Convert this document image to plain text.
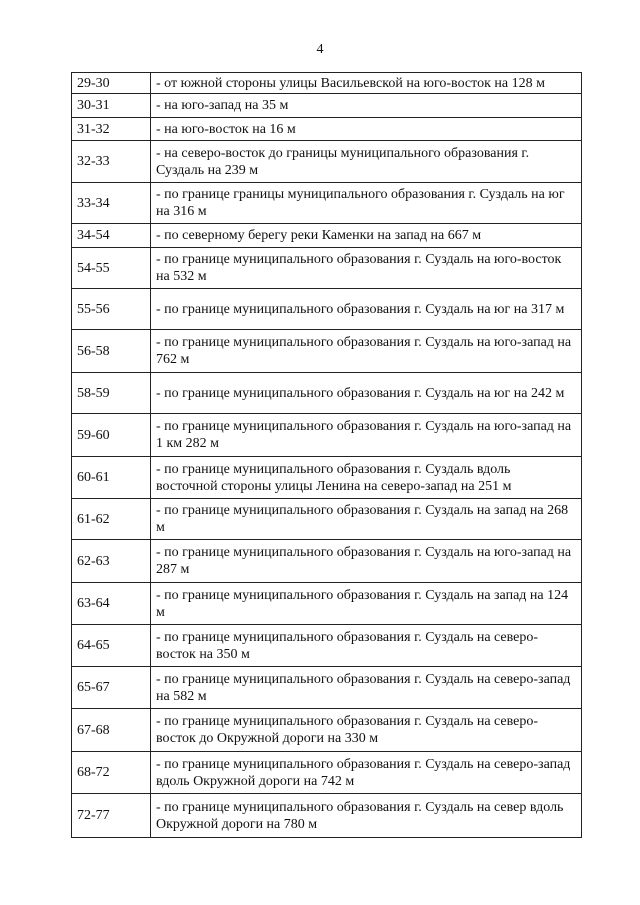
4
29-30	- от южной стороны улицы Васильевской на юго-восток на 128 м
30-31	- на юго-запад на 35 м
31-32	- на юго-восток на 16 м
32-33	- на северо-восток до границы муниципального образования г. Суздаль на 239 м
33-34	- по границе границы муниципального образования г. Суздаль на юг на 316 м
34-54	- по северному берегу реки Каменки на запад на 667 м
54-55	- по границе муниципального образования г. Суздаль на юго-восток на 532 м
55-56	- по границе муниципального образования г. Суздаль на юг на 317 м
56-58	- по границе муниципального образования г. Суздаль на юго-запад на 762 м
58-59	- по границе муниципального образования г. Суздаль на юг на 242 м
59-60	- по границе муниципального образования г. Суздаль на юго-запад на 1 км 282 м
60-61	- по границе муниципального образования г. Суздаль вдоль восточной стороны улицы Ленина на северо-запад на 251 м
61-62	- по границе муниципального образования г. Суздаль на запад на 268 м
62-63	- по границе муниципального образования г. Суздаль на юго-запад на 287 м
63-64	- по границе муниципального образования г. Суздаль на запад на 124 м
64-65	- по границе муниципального образования г. Суздаль на северо-восток на 350 м
65-67	- по границе муниципального образования г. Суздаль на северо-запад на 582 м
67-68	- по границе муниципального образования г. Суздаль на северо-восток до Окружной дороги на 330 м
68-72	- по границе муниципального образования г. Суздаль на северо-запад вдоль Окружной дороги на 742 м
72-77	- по границе муниципального образования г. Суздаль на север вдоль Окружной дороги на 780 м
